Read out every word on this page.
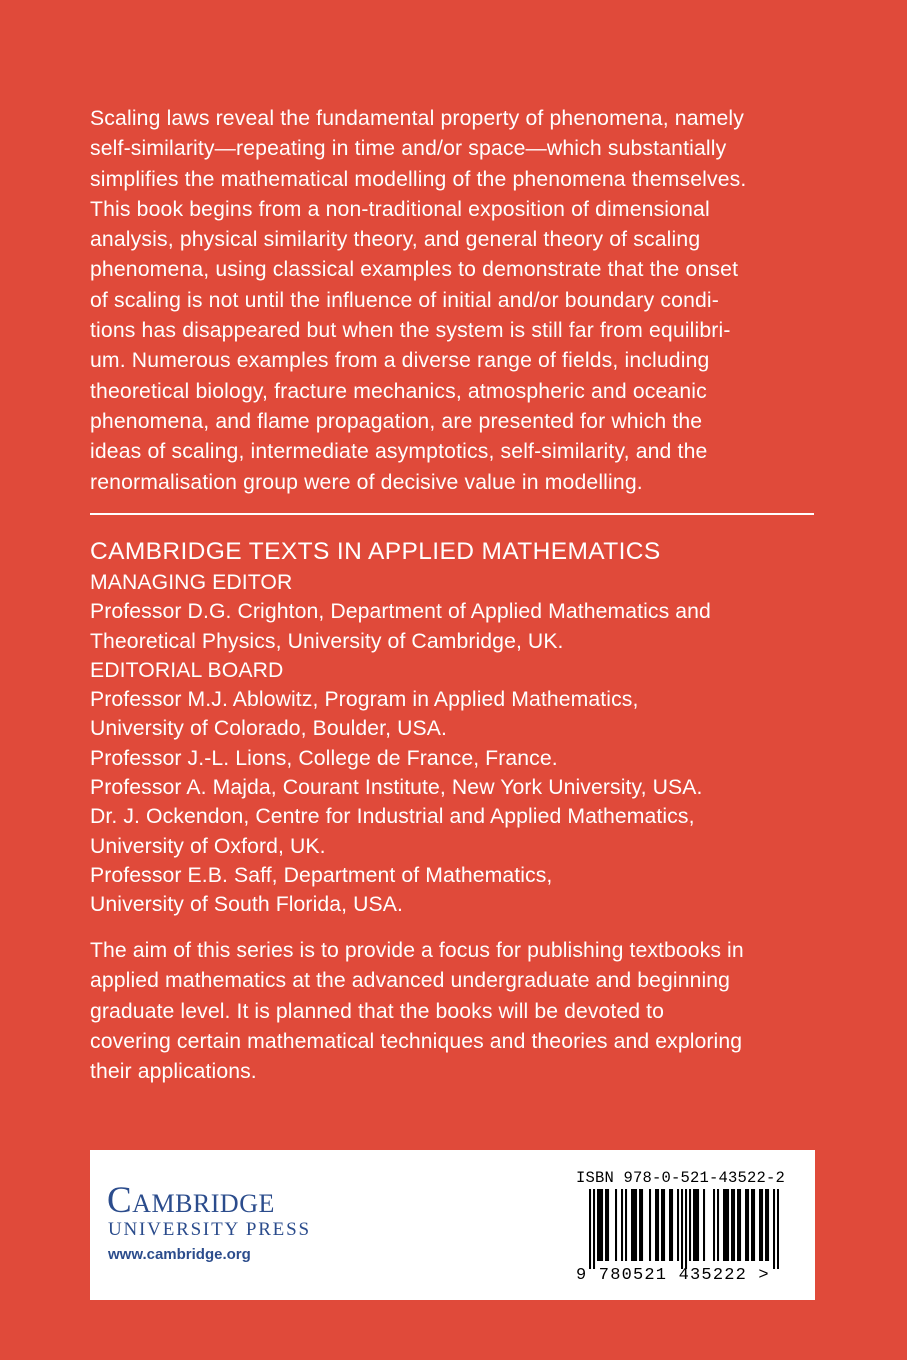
Scaling laws reveal the fundamental property of phenomena, namely
self-similarity—repeating in time and/or space—which substantially
simplifies the mathematical modelling of the phenomena themselves.
This book begins from a non-traditional exposition of dimensional
analysis, physical similarity theory, and general theory of scaling
phenomena, using classical examples to demonstrate that the onset
of scaling is not until the influence of initial and/or boundary condi-
tions has disappeared but when the system is still far from equilibri-
um. Numerous examples from a diverse range of fields, including
theoretical biology, fracture mechanics, atmospheric and oceanic
phenomena, and flame propagation, are presented for which the
ideas of scaling, intermediate asymptotics, self-similarity, and the
renormalisation group were of decisive value in modelling.
CAMBRIDGE TEXTS IN APPLIED MATHEMATICS
MANAGING EDITOR
Professor D.G. Crighton, Department of Applied Mathematics and
Theoretical Physics, University of Cambridge, UK.
EDITORIAL BOARD
Professor M.J. Ablowitz, Program in Applied Mathematics,
University of Colorado, Boulder, USA.
Professor J.-L. Lions, College de France, France.
Professor A. Majda, Courant Institute, New York University, USA.
Dr. J. Ockendon, Centre for Industrial and Applied Mathematics,
University of Oxford, UK.
Professor E.B. Saff, Department of Mathematics,
University of South Florida, USA.
The aim of this series is to provide a focus for publishing textbooks in
applied mathematics at the advanced undergraduate and beginning
graduate level. It is planned that the books will be devoted to
covering certain mathematical techniques and theories and exploring
their applications.
Cambridge
UNIVERSITY PRESS
www.cambridge.org
ISBN 978-0-521-43522-2
9 780521 435222 >
